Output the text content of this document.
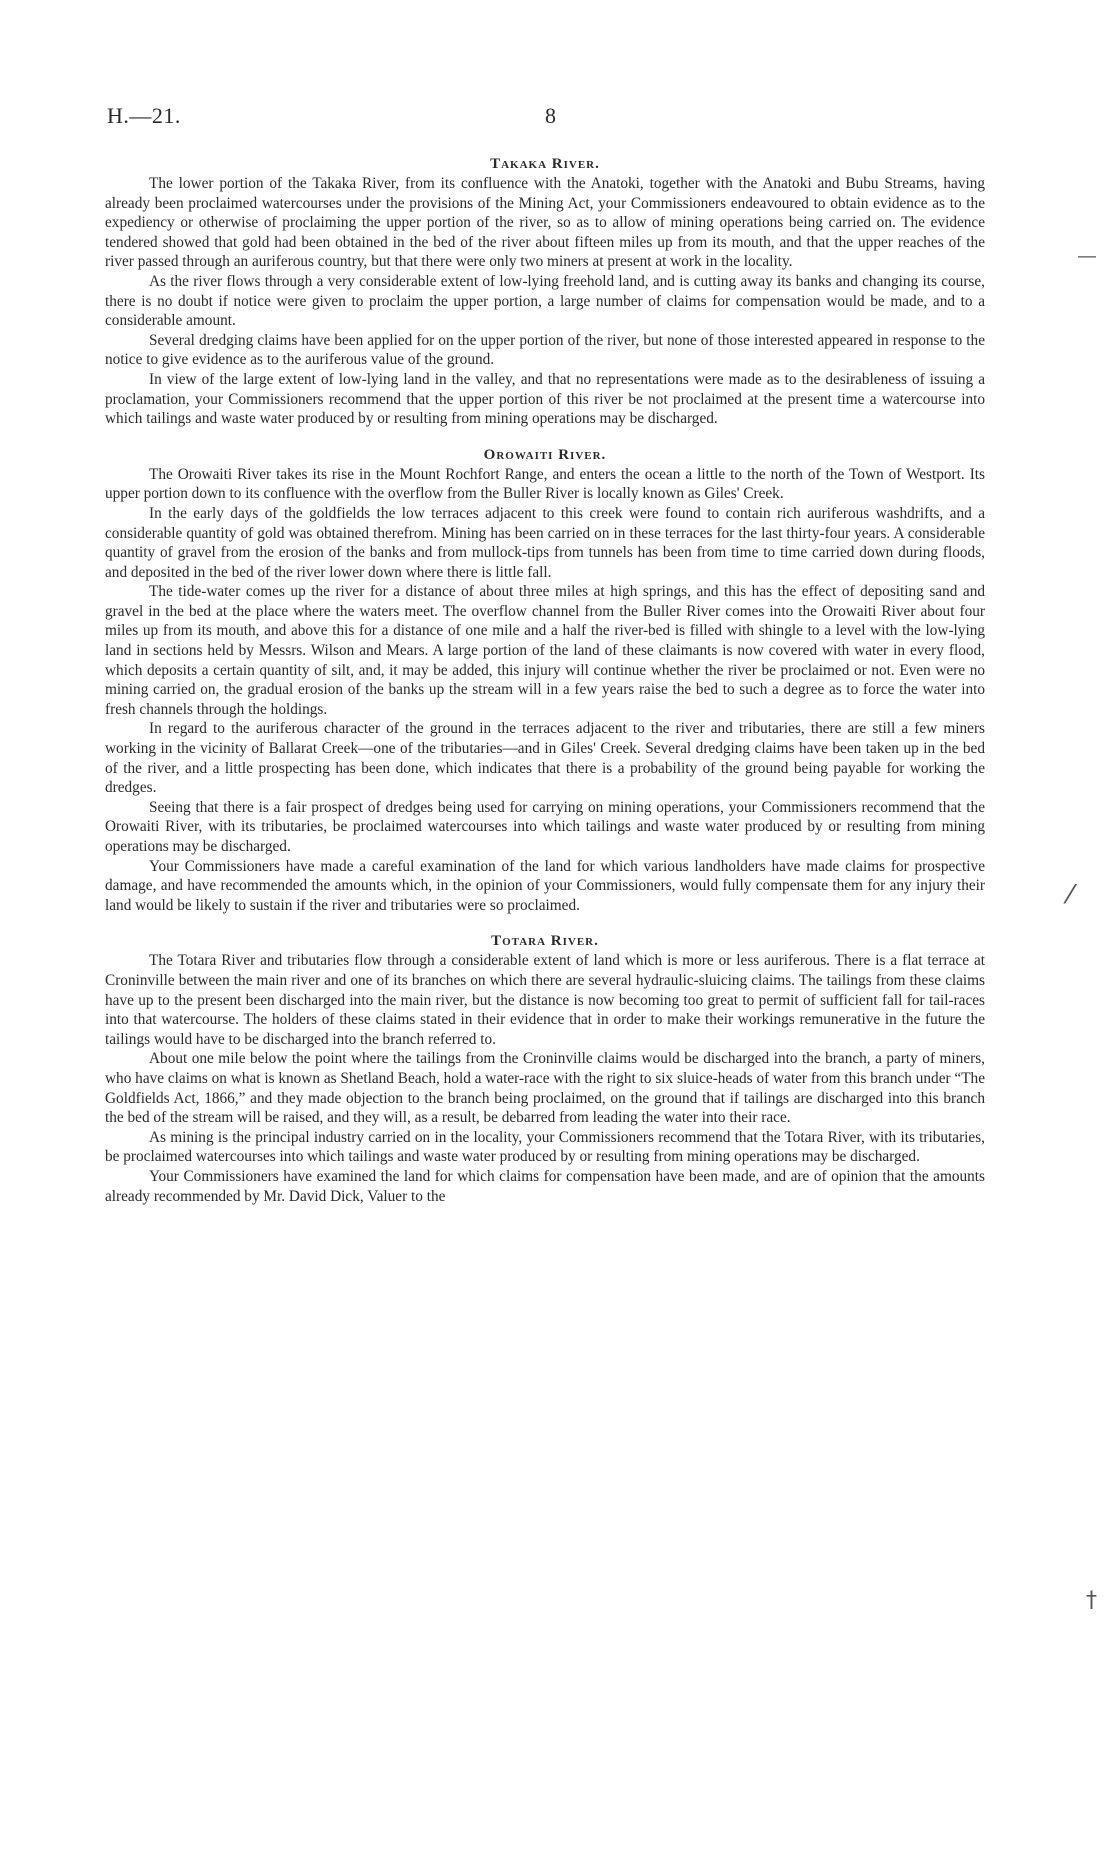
H.—21.	8
Takaka River.

The lower portion of the Takaka River, from its confluence with the Anatoki, together with the Anatoki and Bubu Streams, having already been proclaimed watercourses under the provisions of the Mining Act, your Commissioners endeavoured to obtain evidence as to the expediency or otherwise of proclaiming the upper portion of the river, so as to allow of mining operations being carried on. The evidence tendered showed that gold had been obtained in the bed of the river about fifteen miles up from its mouth, and that the upper reaches of the river passed through an auriferous country, but that there were only two miners at present at work in the locality.

As the river flows through a very considerable extent of low-lying freehold land, and is cutting away its banks and changing its course, there is no doubt if notice were given to proclaim the upper portion, a large number of claims for compensation would be made, and to a considerable amount.

Several dredging claims have been applied for on the upper portion of the river, but none of those interested appeared in response to the notice to give evidence as to the auriferous value of the ground.

In view of the large extent of low-lying land in the valley, and that no representations were made as to the desirableness of issuing a proclamation, your Commissioners recommend that the upper portion of this river be not proclaimed at the present time a watercourse into which tailings and waste water produced by or resulting from mining operations may be discharged.

Orowaiti River.

The Orowaiti River takes its rise in the Mount Rochfort Range, and enters the ocean a little to the north of the Town of Westport. Its upper portion down to its confluence with the overflow from the Buller River is locally known as Giles' Creek.

In the early days of the goldfields the low terraces adjacent to this creek were found to contain rich auriferous washdrifts, and a considerable quantity of gold was obtained therefrom. Mining has been carried on in these terraces for the last thirty-four years. A considerable quantity of gravel from the erosion of the banks and from mullock-tips from tunnels has been from time to time carried down during floods, and deposited in the bed of the river lower down where there is little fall.

The tide-water comes up the river for a distance of about three miles at high springs, and this has the effect of depositing sand and gravel in the bed at the place where the waters meet. The overflow channel from the Buller River comes into the Orowaiti River about four miles up from its mouth, and above this for a distance of one mile and a half the river-bed is filled with shingle to a level with the low-lying land in sections held by Messrs. Wilson and Mears. A large portion of the land of these claimants is now covered with water in every flood, which deposits a certain quantity of silt, and, it may be added, this injury will continue whether the river be proclaimed or not. Even were no mining carried on, the gradual erosion of the banks up the stream will in a few years raise the bed to such a degree as to force the water into fresh channels through the holdings.

In regard to the auriferous character of the ground in the terraces adjacent to the river and tributaries, there are still a few miners working in the vicinity of Ballarat Creek—one of the tributaries—and in Giles' Creek. Several dredging claims have been taken up in the bed of the river, and a little prospecting has been done, which indicates that there is a probability of the ground being payable for working the dredges.

Seeing that there is a fair prospect of dredges being used for carrying on mining operations, your Commissioners recommend that the Orowaiti River, with its tributaries, be proclaimed watercourses into which tailings and waste water produced by or resulting from mining operations may be discharged.

Your Commissioners have made a careful examination of the land for which various landholders have made claims for prospective damage, and have recommended the amounts which, in the opinion of your Commissioners, would fully compensate them for any injury their land would be likely to sustain if the river and tributaries were so proclaimed.

Totara River.

The Totara River and tributaries flow through a considerable extent of land which is more or less auriferous. There is a flat terrace at Croninville between the main river and one of its branches on which there are several hydraulic-sluicing claims. The tailings from these claims have up to the present been discharged into the main river, but the distance is now becoming too great to permit of sufficient fall for tail-races into that watercourse. The holders of these claims stated in their evidence that in order to make their workings remunerative in the future the tailings would have to be discharged into the branch referred to.

About one mile below the point where the tailings from the Croninville claims would be discharged into the branch, a party of miners, who have claims on what is known as Shetland Beach, hold a water-race with the right to six sluice-heads of water from this branch under “The Goldfields Act, 1866,” and they made objection to the branch being proclaimed, on the ground that if tailings are discharged into this branch the bed of the stream will be raised, and they will, as a result, be debarred from leading the water into their race.

As mining is the principal industry carried on in the locality, your Commissioners recommend that the Totara River, with its tributaries, be proclaimed watercourses into which tailings and waste water produced by or resulting from mining operations may be discharged.

Your Commissioners have examined the land for which claims for compensation have been made, and are of opinion that the amounts already recommended by Mr. David Dick, Valuer to the

―
⁄
†
